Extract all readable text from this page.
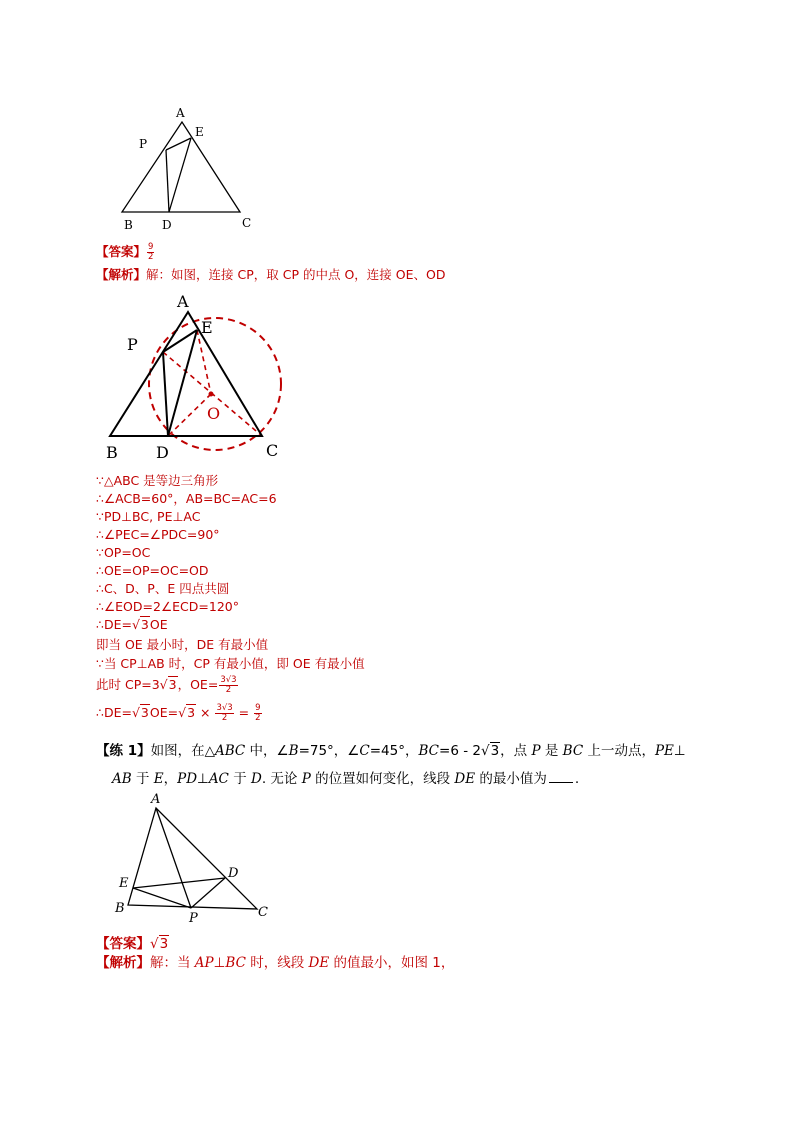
A
E
P
B D	C
【答案】 $\frac{9}{2}$
【解析】解：如图，连接 CP，取 CP 的中点 O，连接 OE、OD
A
E
P
O
B D	C
∵△ABC 是等边三角形
∴∠ACB=60°，AB=BC=AC=6
∵PD⊥BC, PE⊥AC
∴∠PEC=∠PDC=90°
∵OP=OC
∴OE=OP=OC=OD
∴C、D、P、E 四点共圆
∴∠EOD=2∠ECD=120°
∴DE=√3OE
即当 OE 最小时，DE 有最小值
∵当 CP⊥AB 时，CP 有最小值，即 OE 有最小值
此时 CP=3√3，$OE= \frac{3√3}{2}$
∴DE=√3OE=√3 × $\frac{3√3}{2} = \frac{9}{2}$
【练 1】如图，在△ABC 中，∠B=75°，∠C=45°，BC=6 - 2√3，点 P 是 BC 上一动点，PE⊥
AB 于 E，PD⊥AC 于 D. 无论 P 的位置如何变化，线段 DE 的最小值为 .
A
D
E
B
P	C
【答案】√3
【解析】解：当 AP⊥BC 时，线段 DE 的值最小，如图 1，
